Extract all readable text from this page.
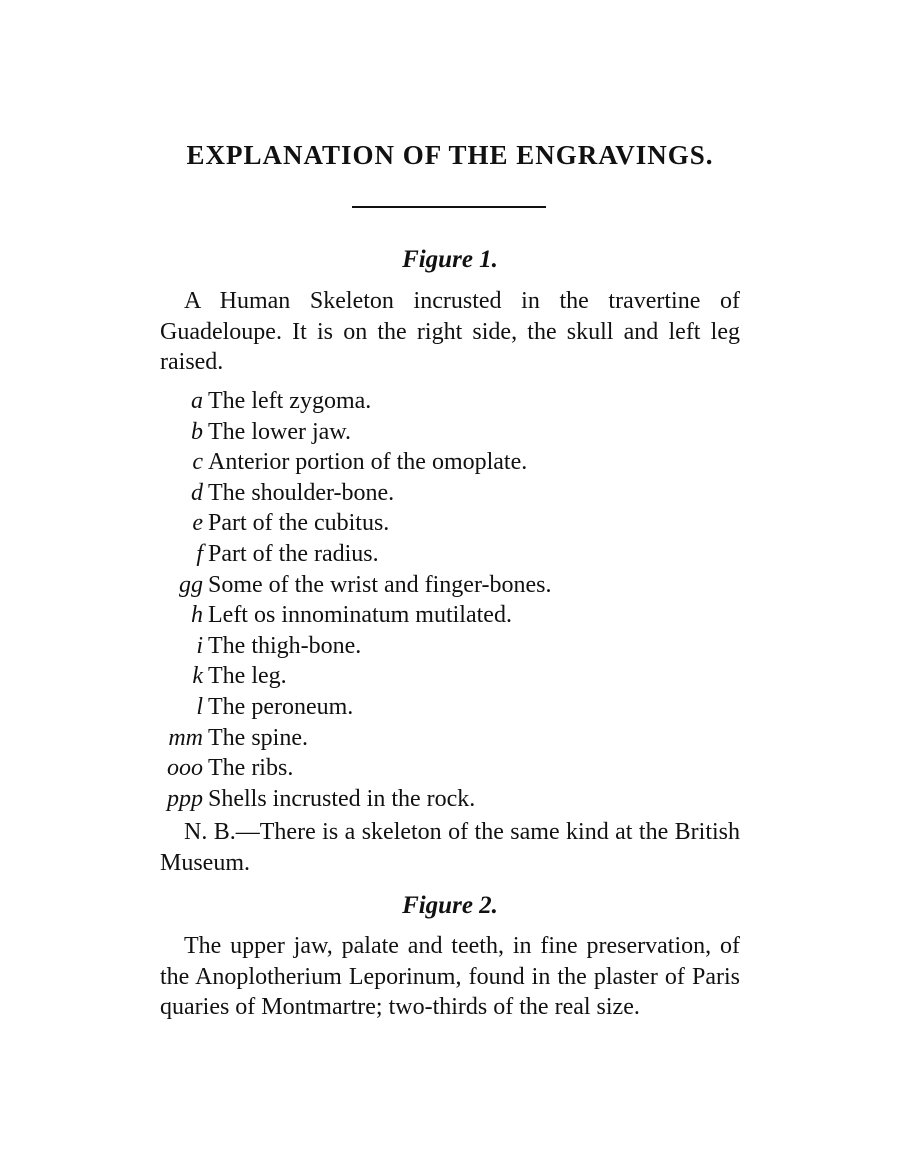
EXPLANATION OF THE ENGRAVINGS.
Figure 1.

A Human Skeleton incrusted in the travertine of Guadeloupe. It is on the right side, the skull and left leg raised.

a The left zygoma.
b The lower jaw.
c Anterior portion of the omoplate.
d The shoulder-bone.
e Part of the cubitus.
f Part of the radius.
gg Some of the wrist and finger-bones.
h Left os innominatum mutilated.
i The thigh-bone.
k The leg.
l The peroneum.
mm The spine.
ooo The ribs.
ppp Shells incrusted in the rock.

N. B.—There is a skeleton of the same kind at the British Museum.

Figure 2.

The upper jaw, palate and teeth, in fine preservation, of the Anoplotherium Leporinum, found in the plaster of Paris quaries of Montmartre; two-thirds of the real size.
